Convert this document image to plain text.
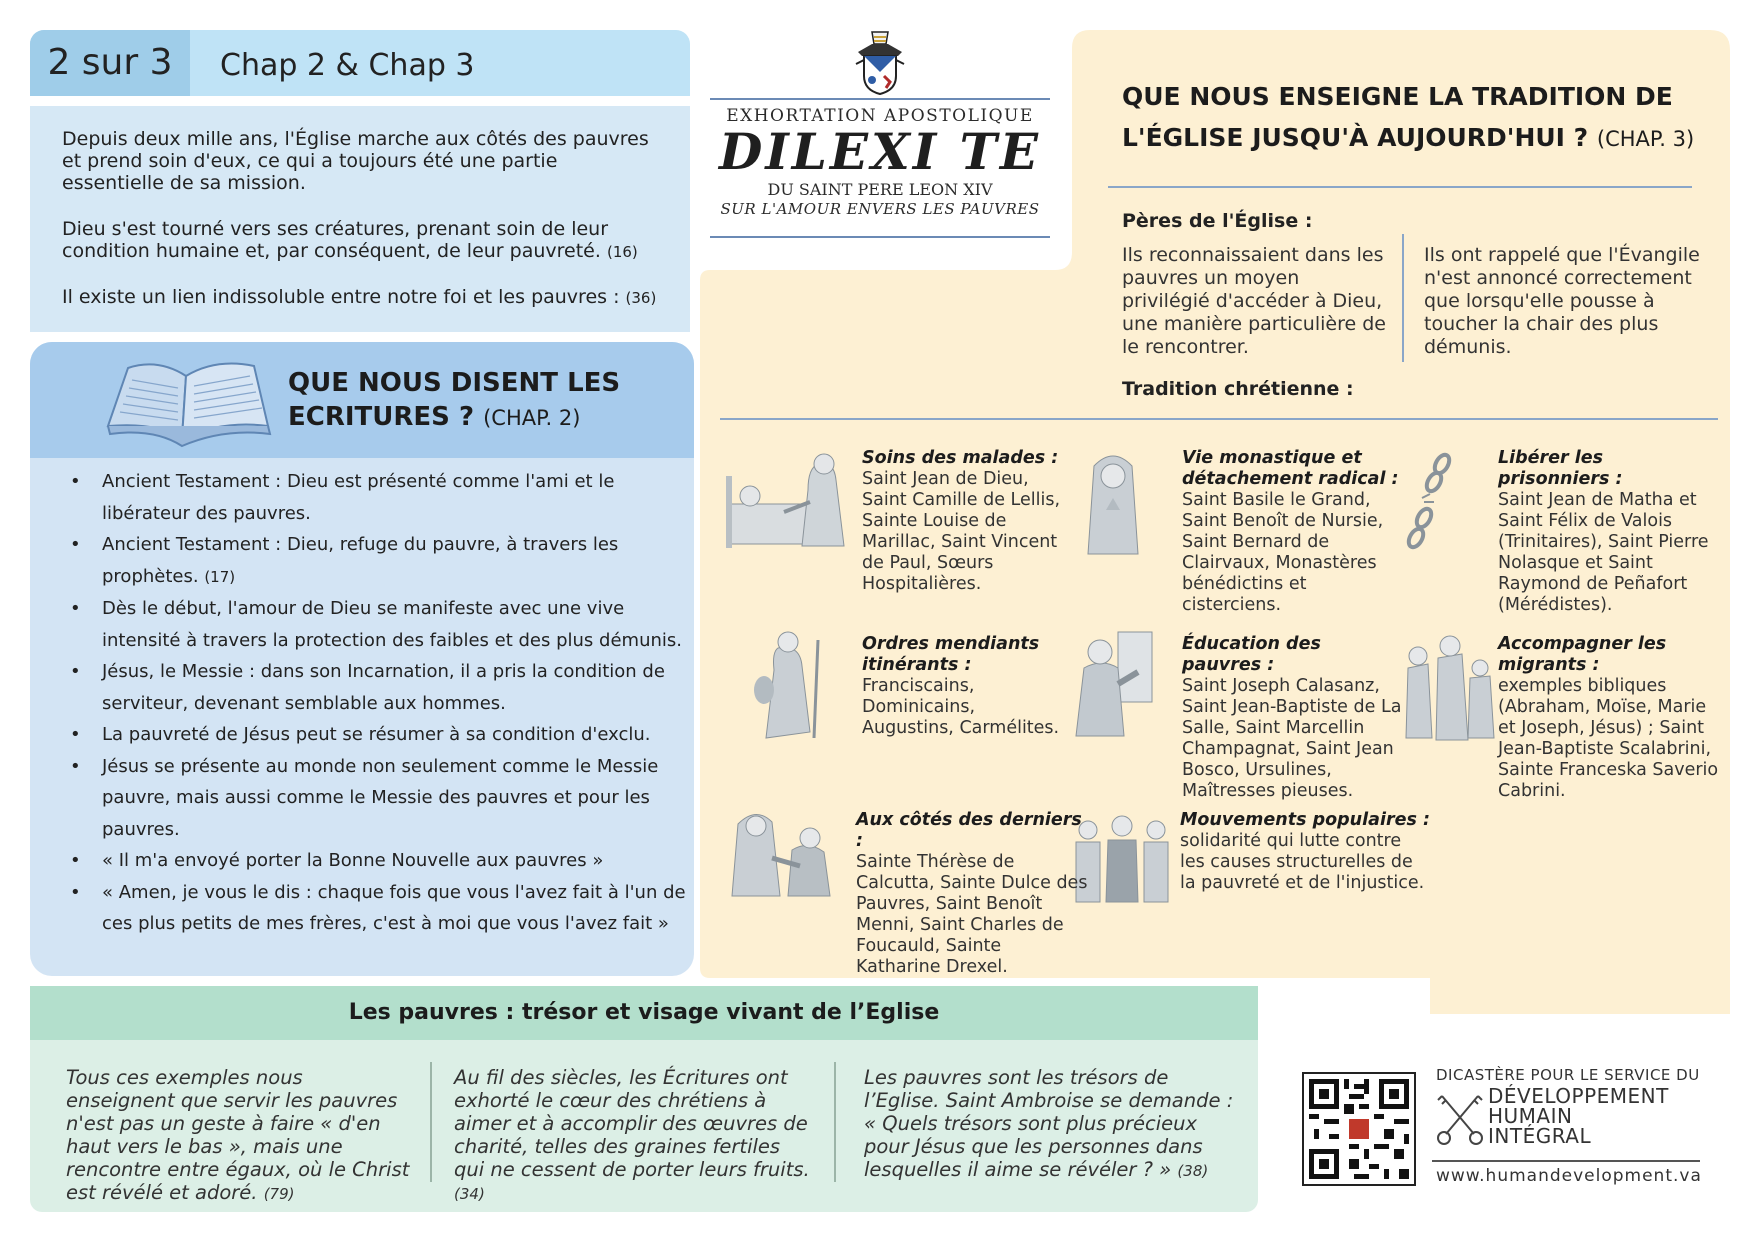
2 sur 3	Chap 2 & Chap 3

Depuis deux mille ans, l'Église marche aux côtés des pauvres et prend soin d'eux, ce qui a toujours été une partie essentielle de sa mission.

Dieu s'est tourné vers ses créatures, prenant soin de leur condition humaine et, par conséquent, de leur pauvreté. (16)

Il existe un lien indissoluble entre notre foi et les pauvres : (36)

QUE NOUS DISENT LES
ECRITURES ? (CHAP. 2)
• Ancient Testament : Dieu est présenté comme l'ami et le libérateur des pauvres.
• Ancient Testament : Dieu, refuge du pauvre, à travers les prophètes. (17)
• Dès le début, l'amour de Dieu se manifeste avec une vive intensité à travers la protection des faibles et des plus démunis.
• Jésus, le Messie : dans son Incarnation, il a pris la condition de serviteur, devenant semblable aux hommes.
• La pauvreté de Jésus peut se résumer à sa condition d'exclu.
• Jésus se présente au monde non seulement comme le Messie pauvre, mais aussi comme le Messie des pauvres et pour les pauvres.
• « Il m'a envoyé porter la Bonne Nouvelle aux pauvres »
• « Amen, je vous le dis : chaque fois que vous l'avez fait à l'un de ces plus petits de mes frères, c'est à moi que vous l'avez fait »
EXHORTATION APOSTOLIQUE
DILEXI TE
DU SAINT PERE LEON XIV
SUR L'AMOUR ENVERS LES PAUVRES
QUE NOUS ENSEIGNE LA TRADITION DE
L'ÉGLISE JUSQU'À AUJOURD'HUI ? (CHAP. 3)
Pères de l'Église :
Ils reconnaissaient dans les pauvres un moyen privilégié d'accéder à Dieu, une manière particulière de le rencontrer.
Ils ont rappelé que l'Évangile n'est annoncé correctement que lorsqu'elle pousse à toucher la chair des plus démunis.
Tradition chrétienne :
Soins des malades :
Saint Jean de Dieu, Saint Camille de Lellis, Sainte Louise de Marillac, Saint Vincent de Paul, Sœurs Hospitalières.
Vie monastique et détachement radical :
Saint Basile le Grand, Saint Benoît de Nursie, Saint Bernard de Clairvaux, Monastères bénédictins et cisterciens.
Libérer les prisonniers :
Saint Jean de Matha et Saint Félix de Valois (Trinitaires), Saint Pierre Nolasque et Saint Raymond de Peñafort (Mérédistes).
Ordres mendiants itinérants :
Franciscains, Dominicains, Augustins, Carmélites.
Éducation des pauvres :
Saint Joseph Calasanz, Saint Jean-Baptiste de La Salle, Saint Marcellin Champagnat, Saint Jean Bosco, Ursulines, Maîtresses pieuses.
Accompagner les migrants :
exemples bibliques (Abraham, Moïse, Marie et Joseph, Jésus) ; Saint Jean-Baptiste Scalabrini, Sainte Franceska Saverio Cabrini.
Aux côtés des derniers :
Sainte Thérèse de Calcutta, Sainte Dulce des Pauvres, Saint Benoît Menni, Saint Charles de Foucauld, Sainte Katharine Drexel.
Mouvements populaires :
solidarité qui lutte contre les causes structurelles de la pauvreté et de l'injustice.
Les pauvres : trésor et visage vivant de l’Eglise
Tous ces exemples nous enseignent que servir les pauvres n'est pas un geste à faire « d'en haut vers le bas », mais une rencontre entre égaux, où le Christ est révélé et adoré. (79)
Au fil des siècles, les Écritures ont exhorté le cœur des chrétiens à aimer et à accomplir des œuvres de charité, telles des graines fertiles qui ne cessent de porter leurs fruits. (34)
Les pauvres sont les trésors de l’Eglise. Saint Ambroise se demande : « Quels trésors sont plus précieux pour Jésus que les personnes dans lesquelles il aime se révéler ? » (38)
DICASTÈRE POUR LE SERVICE DU
DÉVELOPPEMENT
HUMAIN
INTÉGRAL
www.humandevelopment.va
